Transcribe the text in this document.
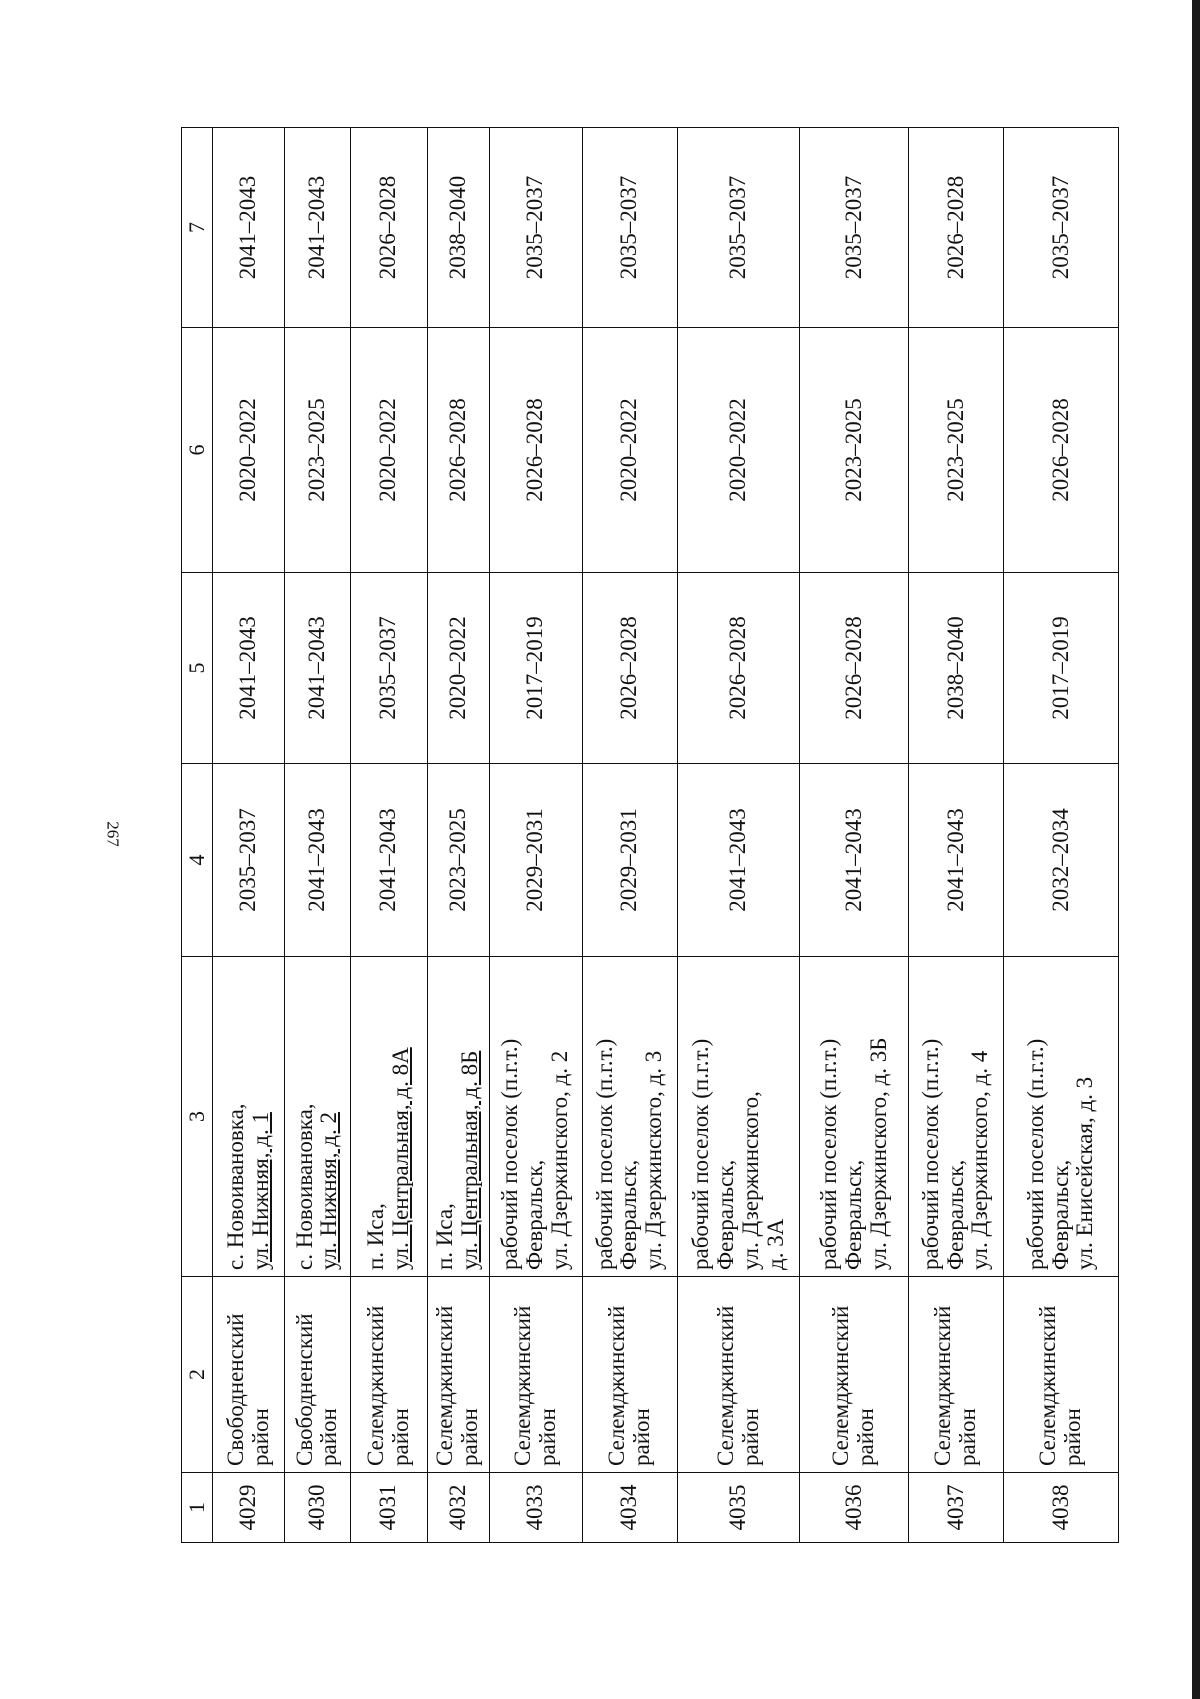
267
1	2	3	4	5	6	7
4029	Свободненский район	с. Новоивановка, ул. Нижняя, д. 1	2035–2037	2041–2043	2020–2022	2041–2043
4030	Свободненский район	с. Новоивановка, ул. Нижняя, д. 2	2041–2043	2041–2043	2023–2025	2041–2043
4031	Селемджинский район	п. Иса, ул. Центральная, д. 8А	2041–2043	2035–2037	2020–2022	2026–2028
4032	Селемджинский район	п. Иса, ул. Центральная, д. 8Б	2023–2025	2020–2022	2026–2028	2038–2040
4033	Селемджинский район	рабочий поселок (п.г.т.) Февральск, ул. Дзержинского, д. 2	2029–2031	2017–2019	2026–2028	2035–2037
4034	Селемджинский район	рабочий поселок (п.г.т.) Февральск, ул. Дзержинского, д. 3	2029–2031	2026–2028	2020–2022	2035–2037
4035	Селемджинский район	рабочий поселок (п.г.т.) Февральск, ул. Дзержинского, д. 3А	2041–2043	2026–2028	2020–2022	2035–2037
4036	Селемджинский район	рабочий поселок (п.г.т.) Февральск, ул. Дзержинского, д. 3Б	2041–2043	2026–2028	2023–2025	2035–2037
4037	Селемджинский район	рабочий поселок (п.г.т.) Февральск, ул. Дзержинского, д. 4	2041–2043	2038–2040	2023–2025	2026–2028
4038	Селемджинский район	рабочий поселок (п.г.т.) Февральск, ул. Енисейская, д. 3	2032–2034	2017–2019	2026–2028	2035–2037
